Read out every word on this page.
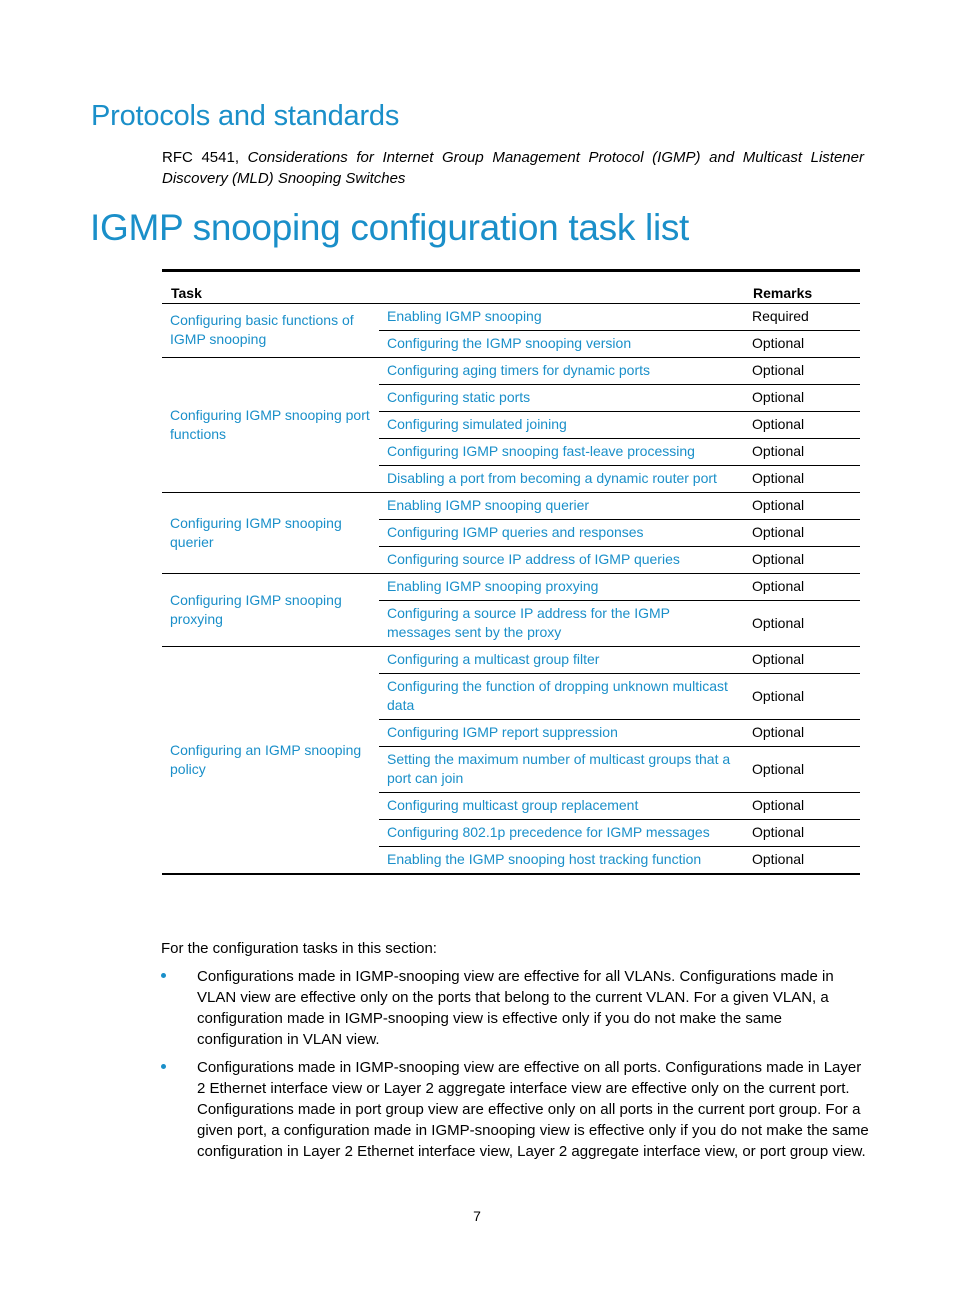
Protocols and standards

RFC 4541, Considerations for Internet Group Management Protocol (IGMP) and Multicast Listener Discovery (MLD) Snooping Switches

IGMP snooping configuration task list
Task		Remarks
Configuring basic functions of IGMP snooping	Enabling IGMP snooping	Required
	Configuring the IGMP snooping version	Optional
Configuring IGMP snooping port functions	Configuring aging timers for dynamic ports	Optional
	Configuring static ports	Optional
	Configuring simulated joining	Optional
	Configuring IGMP snooping fast-leave processing	Optional
	Disabling a port from becoming a dynamic router port	Optional
Configuring IGMP snooping querier	Enabling IGMP snooping querier	Optional
	Configuring IGMP queries and responses	Optional
	Configuring source IP address of IGMP queries	Optional
Configuring IGMP snooping proxying	Enabling IGMP snooping proxying	Optional
	Configuring a source IP address for the IGMP messages sent by the proxy	Optional
Configuring an IGMP snooping policy	Configuring a multicast group filter	Optional
	Configuring the function of dropping unknown multicast data	Optional
	Configuring IGMP report suppression	Optional
	Setting the maximum number of multicast groups that a port can join	Optional
	Configuring multicast group replacement	Optional
	Configuring 802.1p precedence for IGMP messages	Optional
	Enabling the IGMP snooping host tracking function	Optional

For the configuration tasks in this section:

Configurations made in IGMP-snooping view are effective for all VLANs. Configurations made in VLAN view are effective only on the ports that belong to the current VLAN. For a given VLAN, a configuration made in IGMP-snooping view is effective only if you do not make the same configuration in VLAN view.
Configurations made in IGMP-snooping view are effective on all ports. Configurations made in Layer 2 Ethernet interface view or Layer 2 aggregate interface view are effective only on the current port. Configurations made in port group view are effective only on all ports in the current port group. For a given port, a configuration made in IGMP-snooping view is effective only if you do not make the same configuration in Layer 2 Ethernet interface view, Layer 2 aggregate interface view, or port group view.
7
